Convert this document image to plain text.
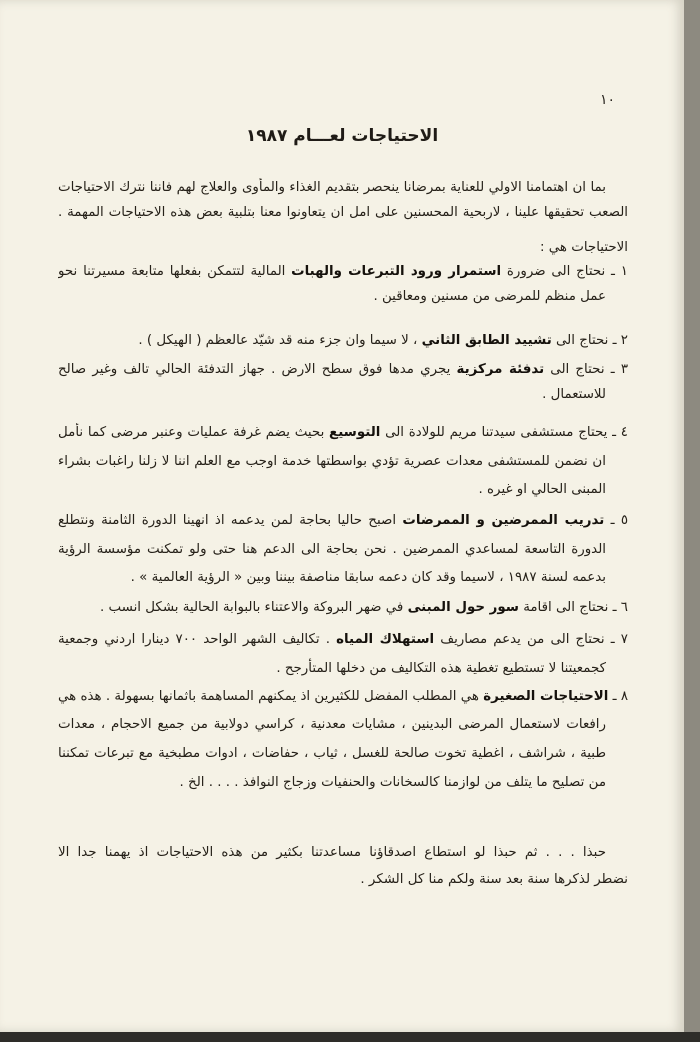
١٠
الاحتياجات لعـــام ١٩٨٧
بما ان اهتمامنا الاولي للعناية بمرضانا ينحصر بتقديم الغذاء والمأوى والعلاج لهم فاننا نترك الاحتياجات
الصعب تحقيقها علينا ، لاربحية المحسنين على امل ان يتعاونوا معنا بتلبية بعض هذه الاحتياجات المهمة .
الاحتياجات هي :
١ ـ نحتاج الى ضرورة استمرار ورود التبرعات والهبات المالية لتتمكن بفعلها متابعة مسيرتنا نحو
عمل منظم للمرضى من مسنين ومعاقين .
٢ ـ نحتاج الى تشييد الطابق الثاني ، لا سيما وان جزء منه قد شيّد عالعظم ( الهيكل ) .
٣ ـ نحتاج الى تدفئة مركزية يجري مدها فوق سطح الارض . جهاز التدفئة الحالي تالف وغير صالح
للاستعمال .
٤ ـ يحتاج مستشفى سيدتنا مريم للولادة الى التوسيع بحيث يضم غرفة عمليات وعنبر مرضى كما نأمل
ان نضمن للمستشفى معدات عصرية تؤدي بواسطتها خدمة اوجب مع العلم اننا لا زلنا راغبات بشراء
المبنى الحالي او غيره .
٥ ـ تدريب الممرضين و الممرضات اصبح حاليا بحاجة لمن يدعمه اذ انهينا الدورة الثامنة ونتطلع
الدورة التاسعة لمساعدي الممرضين . نحن بحاجة الى الدعم هنا حتى ولو تمكنت مؤسسة الرؤية
بدعمه لسنة ١٩٨٧ ، لاسيما وقد كان دعمه سابقا مناصفة بيننا وبين « الرؤية العالمية » .
٦ ـ نحتاج الى اقامة سور حول المبنى في ضهر البروكة والاعتناء بالبوابة الحالية بشكل انسب .
٧ ـ نحتاج الى من يدعم مصاريف استهلاك المياه . تكاليف الشهر الواحد ٧٠٠ دينارا اردني وجمعية
كجمعيتنا لا تستطيع تغطية هذه التكاليف من دخلها المتأرجح .
٨ ـ الاحتياجات الصغيرة هي المطلب المفضل للكثيرين اذ يمكنهم المساهمة باثمانها بسهولة . هذه هي
رافعات لاستعمال المرضى البدينين ، مشايات معدنية ، كراسي دولابية من جميع الاحجام ، معدات
طبية ، شراشف ، اغطية تخوت صالحة للغسل ، ثياب ، حفاضات ، ادوات مطبخية مع تبرعات تمكننا
من تصليح ما يتلف من لوازمنا كالسخانات والحنفيات وزجاج النوافذ . . . . الخ .
حبذا . . . ثم حبذا لو استطاع اصدقاؤنا مساعدتنا بكثير من هذه الاحتياجات اذ يهمنا جدا الا
نضطر لذكرها سنة بعد سنة ولكم منا كل الشكر .
